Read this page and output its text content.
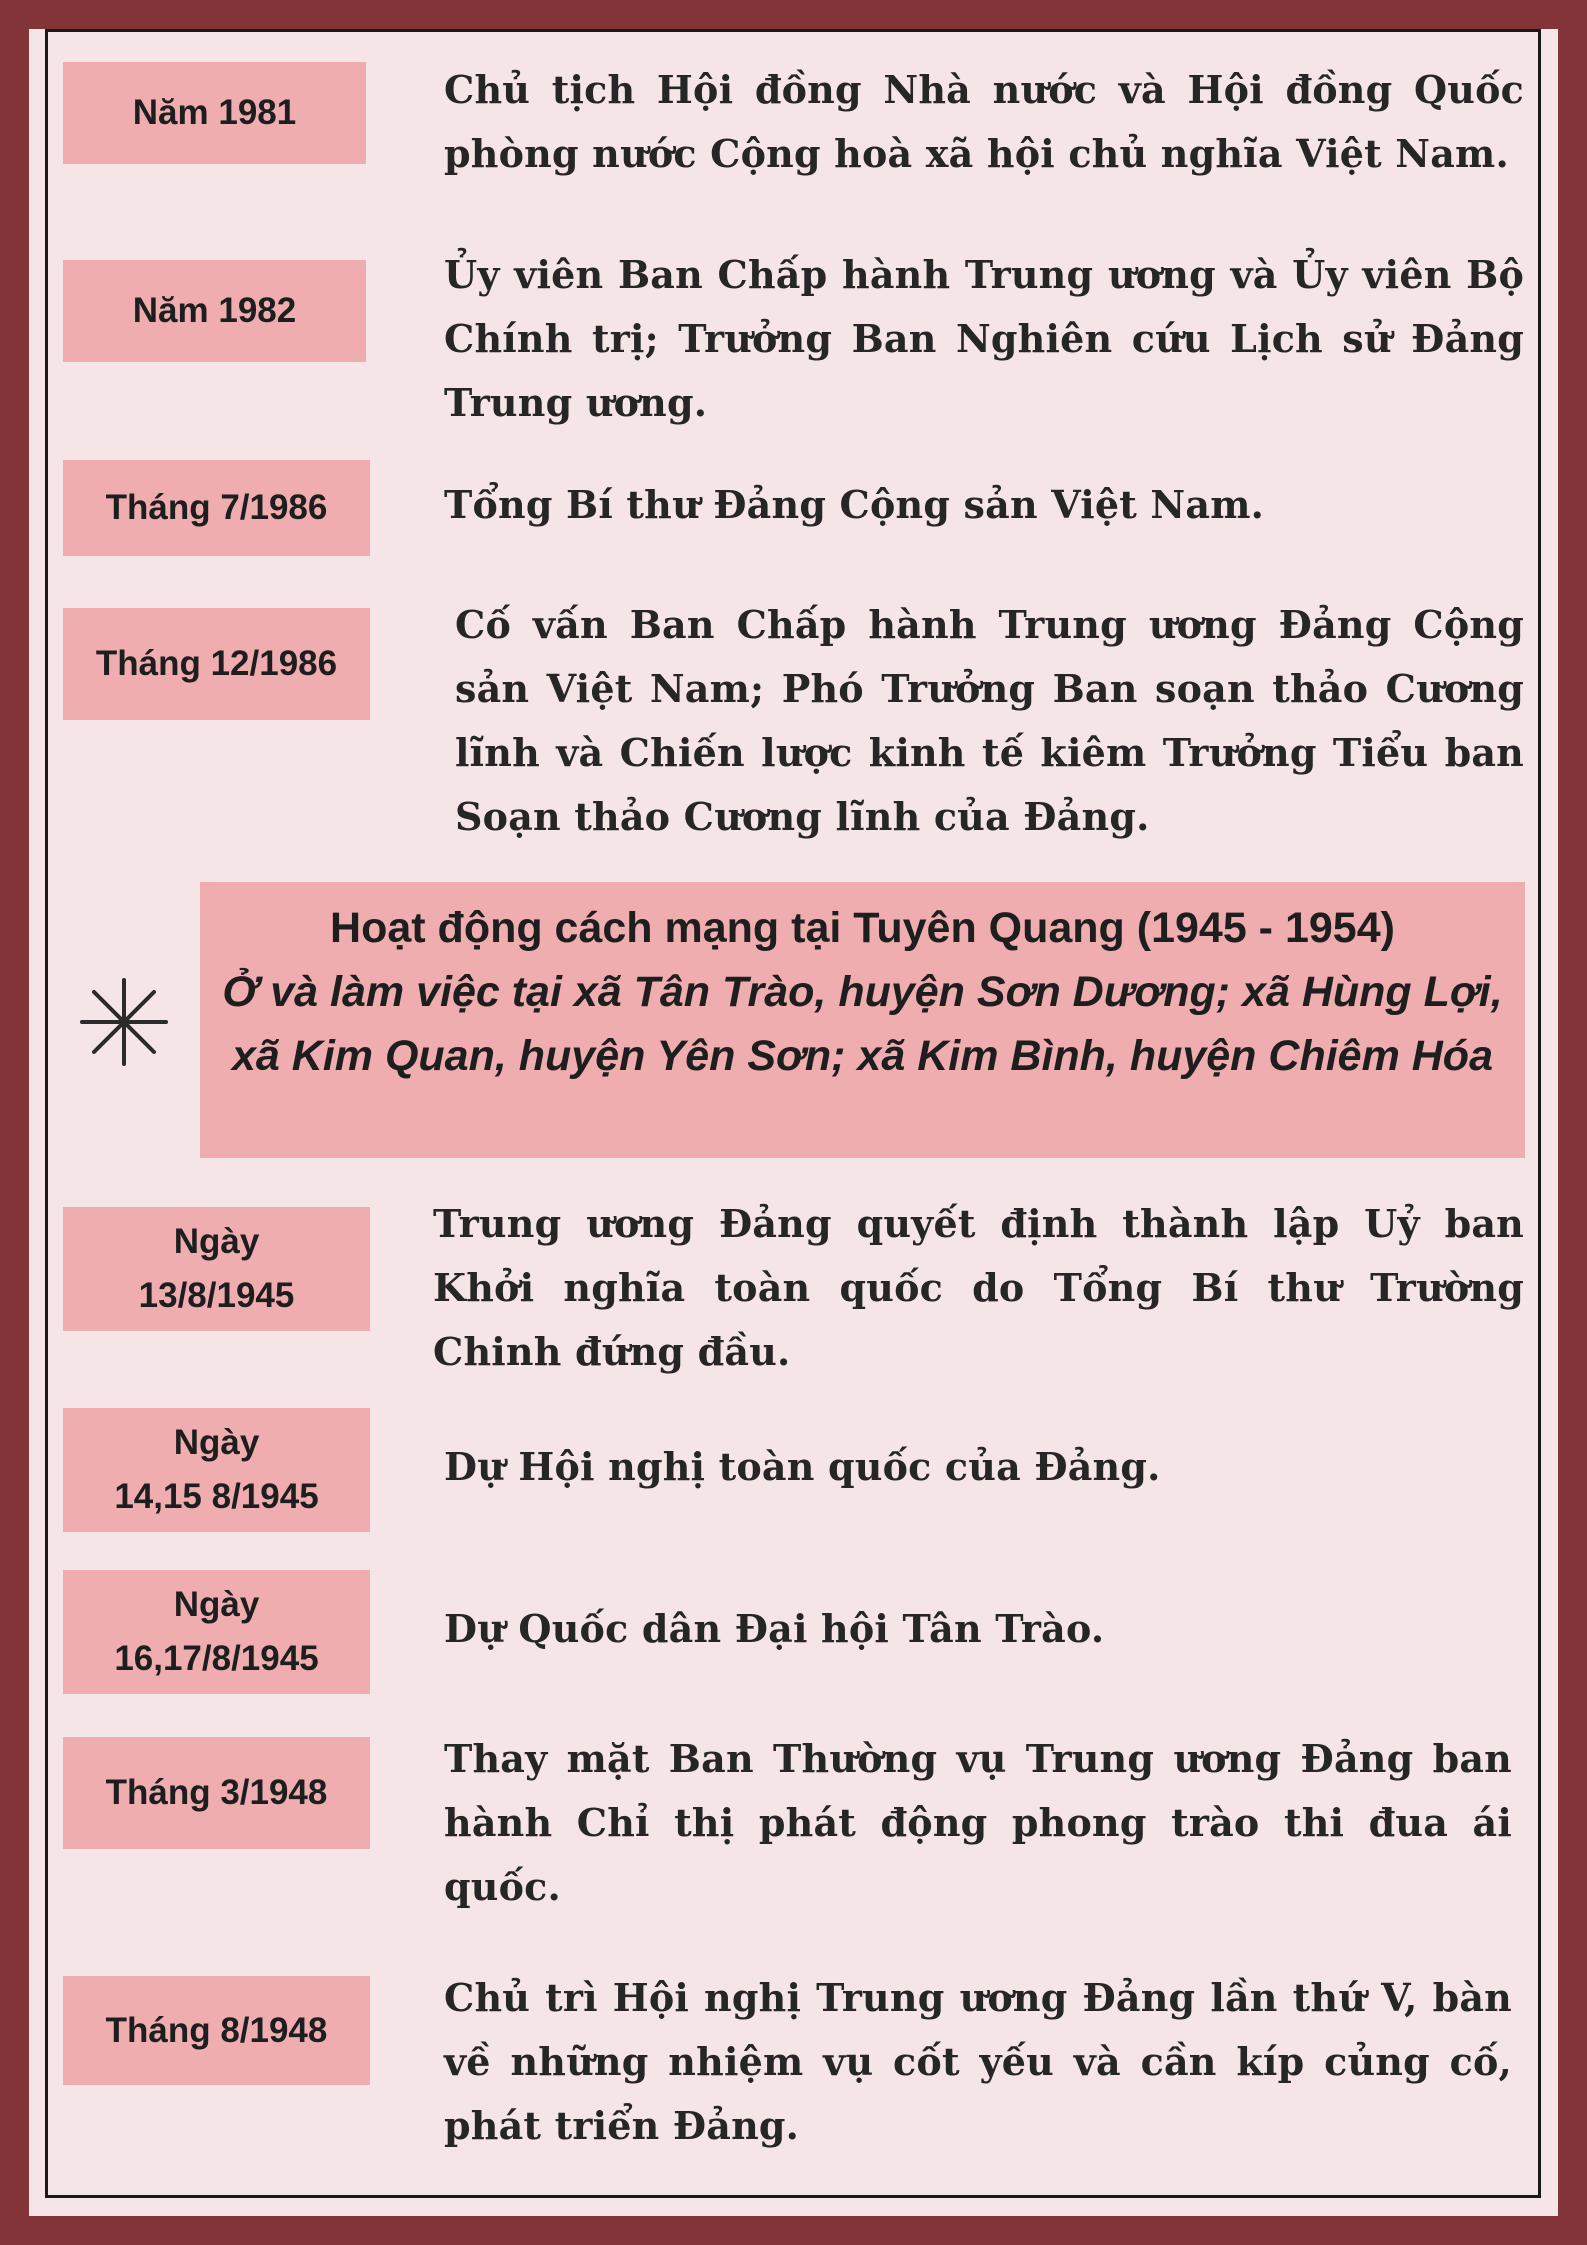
Năm 1981
Chủ tịch Hội đồng Nhà nước và Hội đồng Quốc phòng nước Cộng hoà xã hội chủ nghĩa Việt Nam.
Năm 1982
Ủy viên Ban Chấp hành Trung ương và Ủy viên Bộ Chính trị; Trưởng Ban Nghiên cứu Lịch sử Đảng Trung ương.
Tháng 7/1986	Tổng Bí thư Đảng Cộng sản Việt Nam.
Tháng 12/1986
Cố vấn Ban Chấp hành Trung ương Đảng Cộng sản Việt Nam; Phó Trưởng Ban soạn thảo Cương lĩnh và Chiến lược kinh tế kiêm Trưởng Tiểu ban Soạn thảo Cương lĩnh của Đảng.
Hoạt động cách mạng tại Tuyên Quang (1945 - 1954)
Ở và làm việc tại xã Tân Trào, huyện Sơn Dương; xã Hùng Lợi, xã Kim Quan, huyện Yên Sơn; xã Kim Bình, huyện Chiêm Hóa
Ngày
13/8/1945
Trung ương Đảng quyết định thành lập Uỷ ban Khởi nghĩa toàn quốc do Tổng Bí thư Trường Chinh đứng đầu.
Ngày
14,15 8/1945
Dự Hội nghị toàn quốc của Đảng.
Ngày
16,17/8/1945
Dự Quốc dân Đại hội Tân Trào.
Tháng 3/1948
Thay mặt Ban Thường vụ Trung ương Đảng ban hành Chỉ thị phát động phong trào thi đua ái quốc.
Tháng 8/1948
Chủ trì Hội nghị Trung ương Đảng lần thứ V, bàn về những nhiệm vụ cốt yếu và cần kíp củng cố, phát triển Đảng.
